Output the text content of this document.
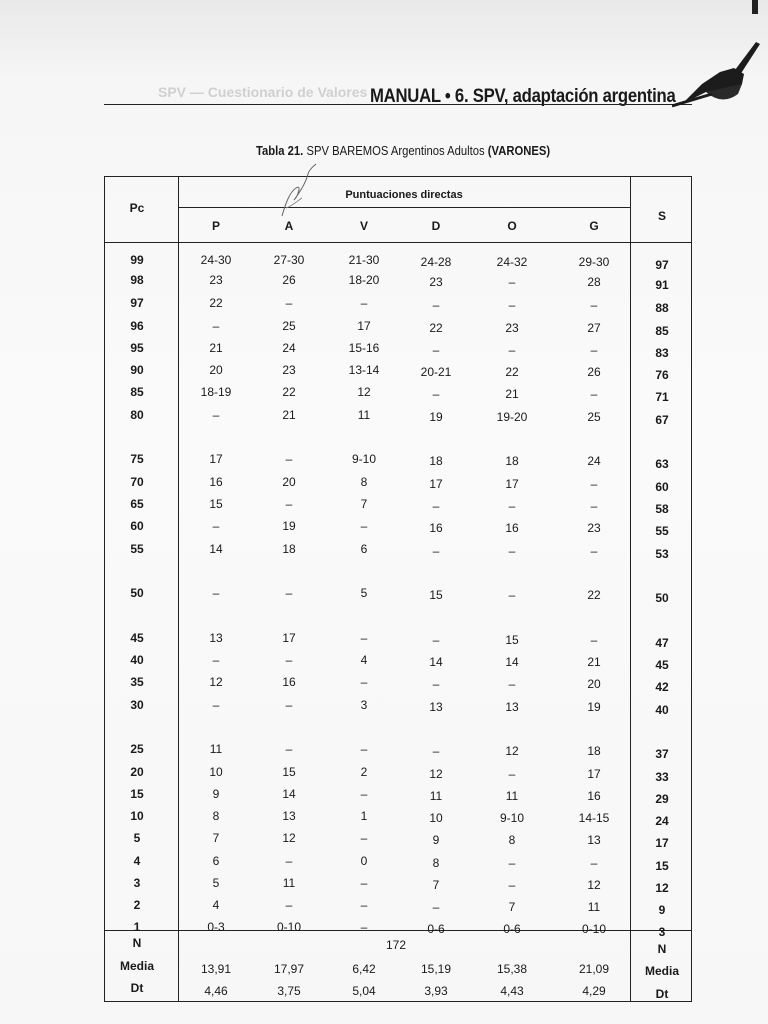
SPV — Cuestionario de Valores MANUAL • 6. SPV, adaptación argentina
Tabla 21. SPV BAREMOS Argentinos Adultos (VARONES)
Pc
Puntuaciones directas
S
P	A	V	D	O	G
99	24-30	27-30	21-30	24-28	24-32	29-30	97
98	23	26	18-20	23	–	28	91
97	22	–	–	–	–	–	88
96	–	25	17	22	23	27	85
95	21	24	15-16	–	–	–	83
90	20	23	13-14	20-21	22	26	76
85	18-19	22	12	–	21	–	71
80	–	21	11	19	19-20	25	67
75	17	–	9-10	18	18	24	63
70	16	20	8	17	17	–	60
65	15	–	7	–	–	–	58
60	–	19	–	16	16	23	55
55	14	18	6	–	–	–	53
50	–	–	5	15	–	22	50
45	13	17	–	–	15	–	47
40	–	–	4	14	14	21	45
35	12	16	–	–	–	20	42
30	–	–	3	13	13	19	40
25	11	–	–	–	12	18	37
20	10	15	2	12	–	17	33
15	9	14	–	11	11	16	29
10	8	13	1	10	9-10	14-15	24
5	7	12	–	9	8	13	17
4	6	–	0	8	–	–	15
3	5	11	–	7	–	12	12
2	4	–	–	–	7	11	9
1	0-3	0-10	–	0-6	0-6	0-10	3
N	172	N
Media	13,91	17,97	6,42	15,19	15,38	21,09	Media
Dt	4,46	3,75	5,04	3,93	4,43	4,29	Dt
